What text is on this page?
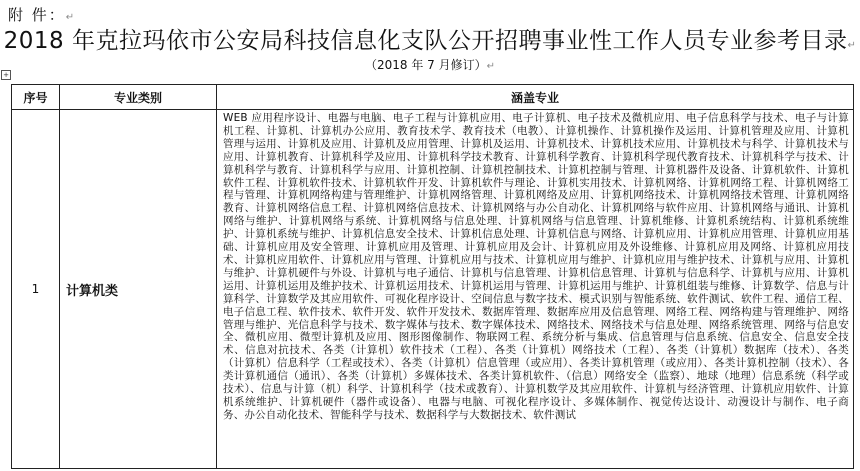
附 件：↵
2018 年克拉玛依市公安局科技信息化支队公开招聘事业性工作人员专业参考目录↵
（2018 年 7 月修订）↵
+
序号	专业类别	涵盖专业
1	计算机类	WEB 应用程序设计、电器与电脑、电子工程与计算机应用、电子计算机、电子技术及微机应用、电子信息科学与技术、电子与计算机工程、计算机、计算机办公应用、教育技术学、教育技术（电教）、计算机操作、计算机操作及运用、计算机管理及应用、计算机管理与运用、计算机及应用、计算机及应用管理、计算机及运用、计算机技术、计算机技术应用、计算机技术与科学、计算机技术与应用、计算机教育、计算机科学及应用、计算机科学技术教育、计算机科学教育、计算机科学现代教育技术、计算机科学与技术、计算机科学与教育、计算机科学与应用、计算机控制、计算机控制技术、计算机控制与管理、计算机器件及设备、计算机软件、计算机软件工程、计算机软件技术、计算机软件开发、计算机软件与理论、计算机实用技术、计算机网络、计算机网络工程、计算机网络工程与管理、计算机网络构建与管理维护、计算机网络管理、计算机网络及应用、计算机网络技术、计算机网络技术管理、计算机网络教育、计算机网络信息工程、计算机网络信息技术、计算机网络与办公自动化、计算机网络与软件应用、计算机网络与通讯、计算机网络与维护、计算机网络与系统、计算机网络与信息处理、计算机网络与信息管理、计算机维修、计算机系统结构、计算机系统维护、计算机系统与维护、计算机信息安全技术、计算机信息处理、计算机信息与网络、计算机应用、计算机应用管理、计算机应用基础、计算机应用及安全管理、计算机应用及管理、计算机应用及会计、计算机应用及外设维修、计算机应用及网络、计算机应用技术、计算机应用软件、计算机应用与管理、计算机应用与技术、计算机应用与维护、计算机应用与维护技术、计算机与应用、计算机与维护、计算机硬件与外设、计算机与电子通信、计算机与信息管理、计算机信息管理、计算机与信息科学、计算机与应用、计算机运用、计算机运用及维护技术、计算机运用技术、计算机运用与管理、计算机运用与维护、计算机组装与维修、计算数学、信息与计算科学、计算数学及其应用软件、可视化程序设计、空间信息与数字技术、模式识别与智能系统、软件测试、软件工程、通信工程、电子信息工程、软件技术、软件开发、软件开发技术、数据库管理、数据库应用及信息管理、网络工程、网络构建与管理维护、网络管理与维护、光信息科学与技术、数字媒体与技术、数字媒体技术、网络技术、网络技术与信息处理、网络系统管理、网络与信息安全、微机应用、微型计算机及应用、图形图像制作、物联网工程、系统分析与集成、信息管理与信息系统、信息安全、信息安全技术、信息对抗技术、各类（计算机）软件技术（工程）、各类（计算机）网络技术（工程）、各类（计算机）数据库（技术）、各类（计算机）信息科学（工程或技术）、各类（计算机）信息管理（或应用）、各类计算机管理（或应用）、各类计算机控制（技术）、各类计算机通信（通讯）、各类（计算机）多媒体技术、各类计算机软件、（信息）网络安全（监察）、地球（地理）信息系统（科学或技术）、信息与计算（机）科学、计算机科学（技术或教育）、计算机数学及其应用软件、计算机与经济管理、计算机应用软件、计算机系统维护、计算机硬件（器件或设备）、电器与电脑、可视化程序设计、多媒体制作、视觉传达设计、动漫设计与制作、电子商务、办公自动化技术、智能科学与技术、数据科学与大数据技术、软件测试
